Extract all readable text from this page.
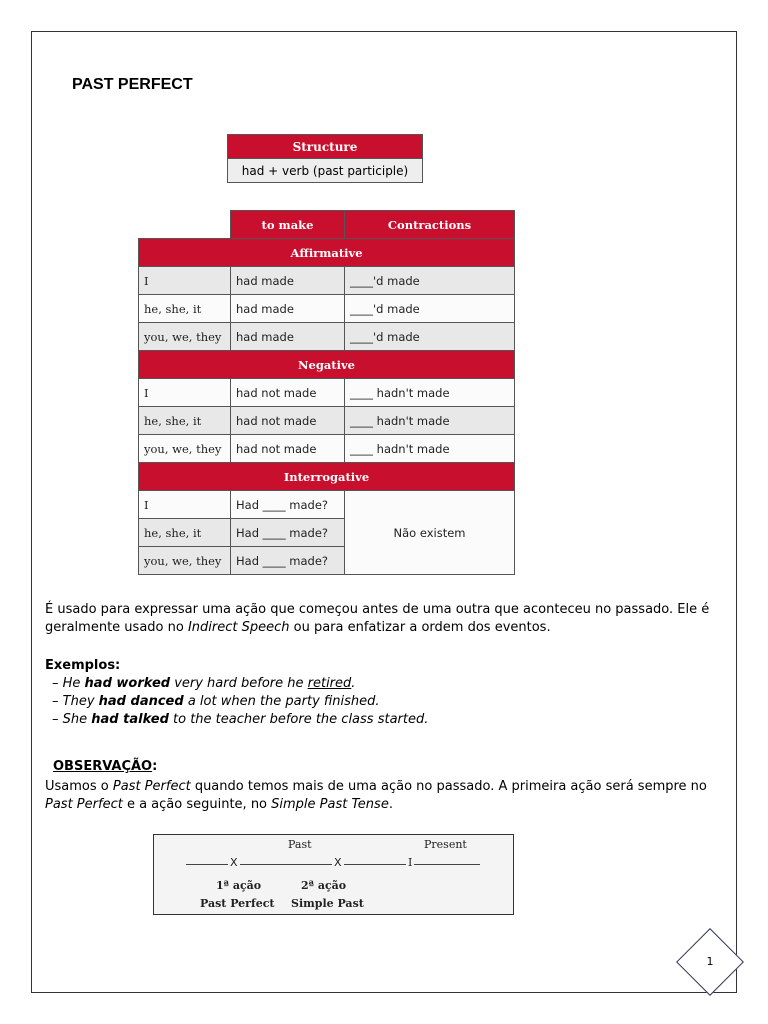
PAST PERFECT
Structure
had + verb (past participle)
	to make	Contractions
Affirmative		
I	had made	____'d made
he, she, it	had made	____'d made
you, we, they	had made	____'d made
Negative		
I	had not made	____ hadn't made
he, she, it	had not made	____ hadn't made
you, we, they	had not made	____ hadn't made
Interrogative		
I	Had ____ made?	Não existem
he, she, it	Had ____ made?	
you, we, they	Had ____ made?	
É usado para expressar uma ação que começou antes de uma outra que aconteceu no passado. Ele é geralmente usado no Indirect Speech ou para enfatizar a ordem dos eventos.
Exemplos:
– He had worked very hard before he retired.
– They had danced a lot when the party finished.
– She had talked to the teacher before the class started.
OBSERVAÇÃO:
Usamos o Past Perfect quando temos mais de uma ação no passado. A primeira ação será sempre no Past Perfect e a ação seguinte, no Simple Past Tense.
Past	Present
X	X	I
1ª ação	2ª ação
Past Perfect Simple Past
1
